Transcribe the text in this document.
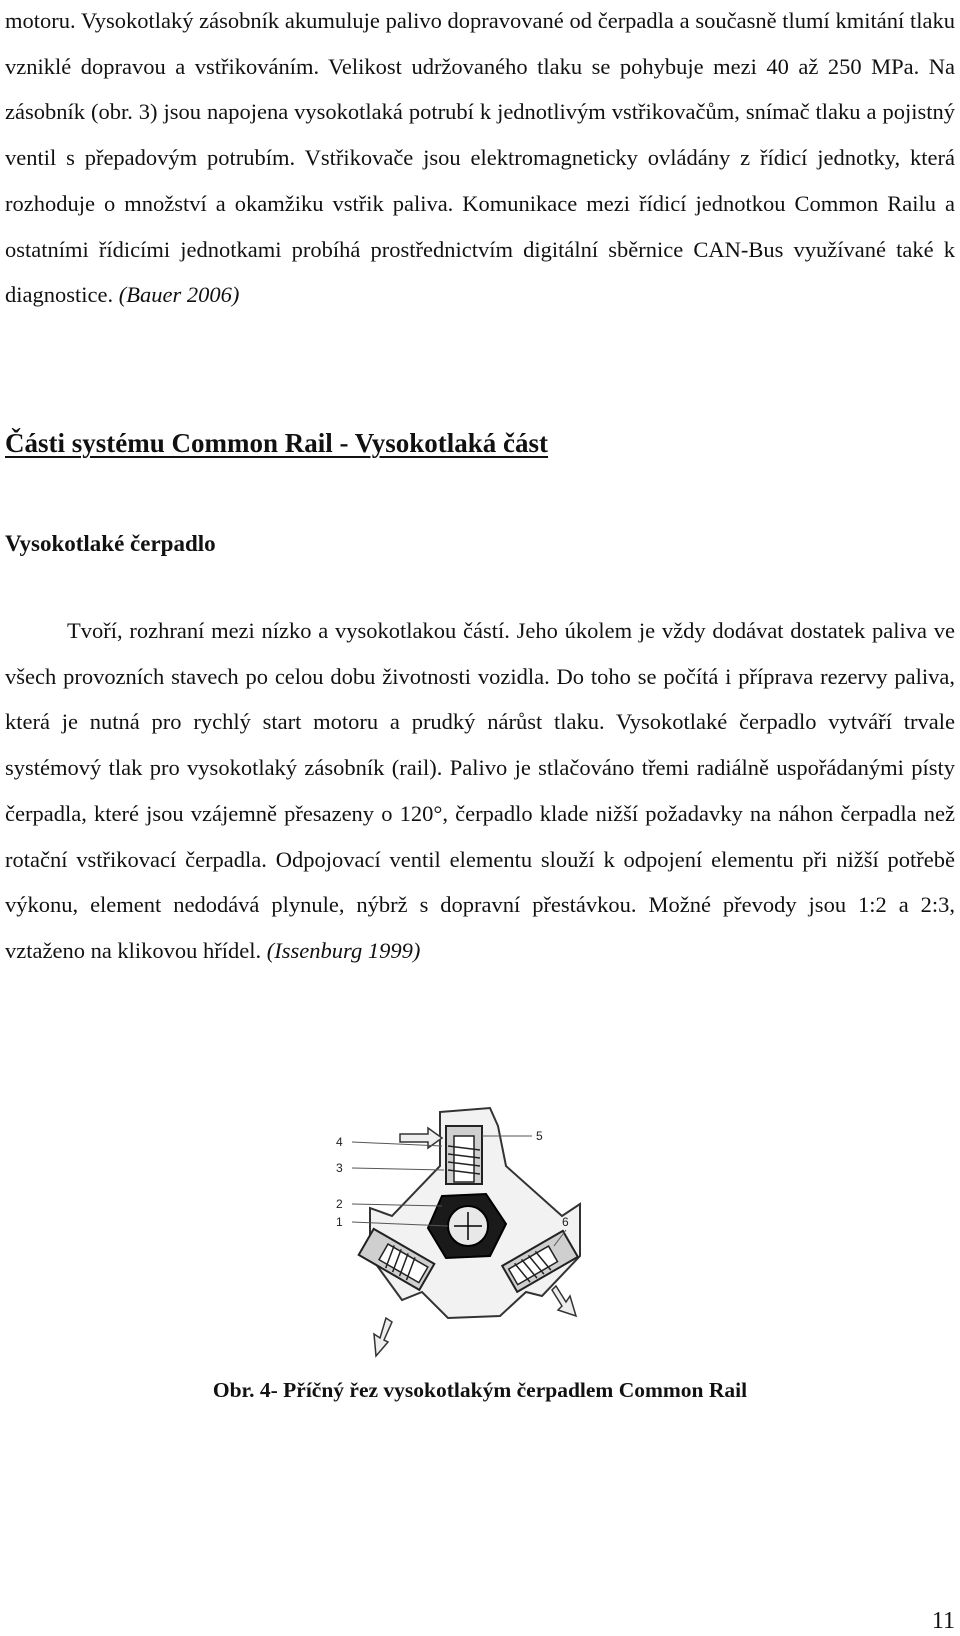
motoru. Vysokotlaký zásobník akumuluje palivo dopravované od čerpadla a současně tlumí kmitání tlaku vzniklé dopravou a vstřikováním. Velikost udržovaného tlaku se pohybuje mezi 40 až 250 MPa. Na zásobník (obr. 3) jsou napojena vysokotlaká potrubí k jednotlivým vstřikovačům, snímač tlaku a pojistný ventil s přepadovým potrubím. Vstřikovače jsou elektromagneticky ovládány z řídicí jednotky, která rozhoduje o množství a okamžiku vstřik paliva. Komunikace mezi řídicí jednotkou Common Railu a ostatními řídicími jednotkami probíhá prostřednictvím digitální sběrnice CAN-Bus využívané také k diagnostice. (Bauer 2006)

Části systému Common Rail - Vysokotlaká část
Vysokotlaké čerpadlo

Tvoří, rozhraní mezi nízko a vysokotlakou částí. Jeho úkolem je vždy dodávat dostatek paliva ve všech provozních stavech po celou dobu životnosti vozidla. Do toho se počítá i příprava rezervy paliva, která je nutná pro rychlý start motoru a prudký nárůst tlaku. Vysokotlaké čerpadlo vytváří trvale systémový tlak pro vysokotlaký zásobník (rail). Palivo je stlačováno třemi radiálně uspořádanými písty čerpadla, které jsou vzájemně přesazeny o 120°, čerpadlo klade nižší požadavky na náhon čerpadla než rotační vstřikovací čerpadla. Odpojovací ventil elementu slouží k odpojení elementu při nižší potřebě výkonu, element nedodává plynule, nýbrž s dopravní přestávkou. Možné převody jsou 1:2 a 2:3, vztaženo na klikovou hřídel. (Issenburg 1999)

4
3
2
1
5
6
Obr. 4- Příčný řez vysokotlakým čerpadlem Common Rail
11
